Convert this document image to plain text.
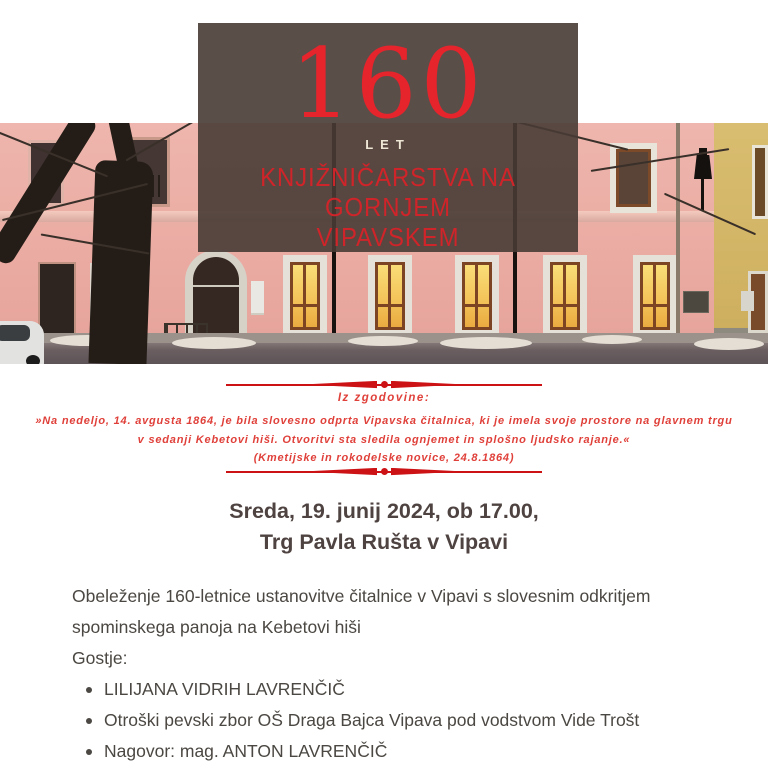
160
LET
KNJIŽNIČARSTVA NA
GORNJEM
VIPAVSKEM
Iz zgodovine:
»Na nedeljo, 14. avgusta 1864, je bila slovesno odprta Vipavska čitalnica, ki je imela svoje prostore na glavnem trgu
v sedanji Kebetovi hiši. Otvoritvi sta sledila ognjemet in splošno ljudsko rajanje.«
(Kmetijske in rokodelske novice, 24.8.1864)
Sreda, 19. junij 2024, ob 17.00,
Trg Pavla Rušta v Vipavi

Obeleženje 160-letnice ustanovitve čitalnice v Vipavi s slovesnim odkritjem spominskega panoja na Kebetovi hiši

Gostje:
LILIJANA VIDRIH LAVRENČIČ
Otroški pevski zbor OŠ Draga Bajca Vipava pod vodstvom Vide Trošt
Nagovor: mag. ANTON LAVRENČIČ
